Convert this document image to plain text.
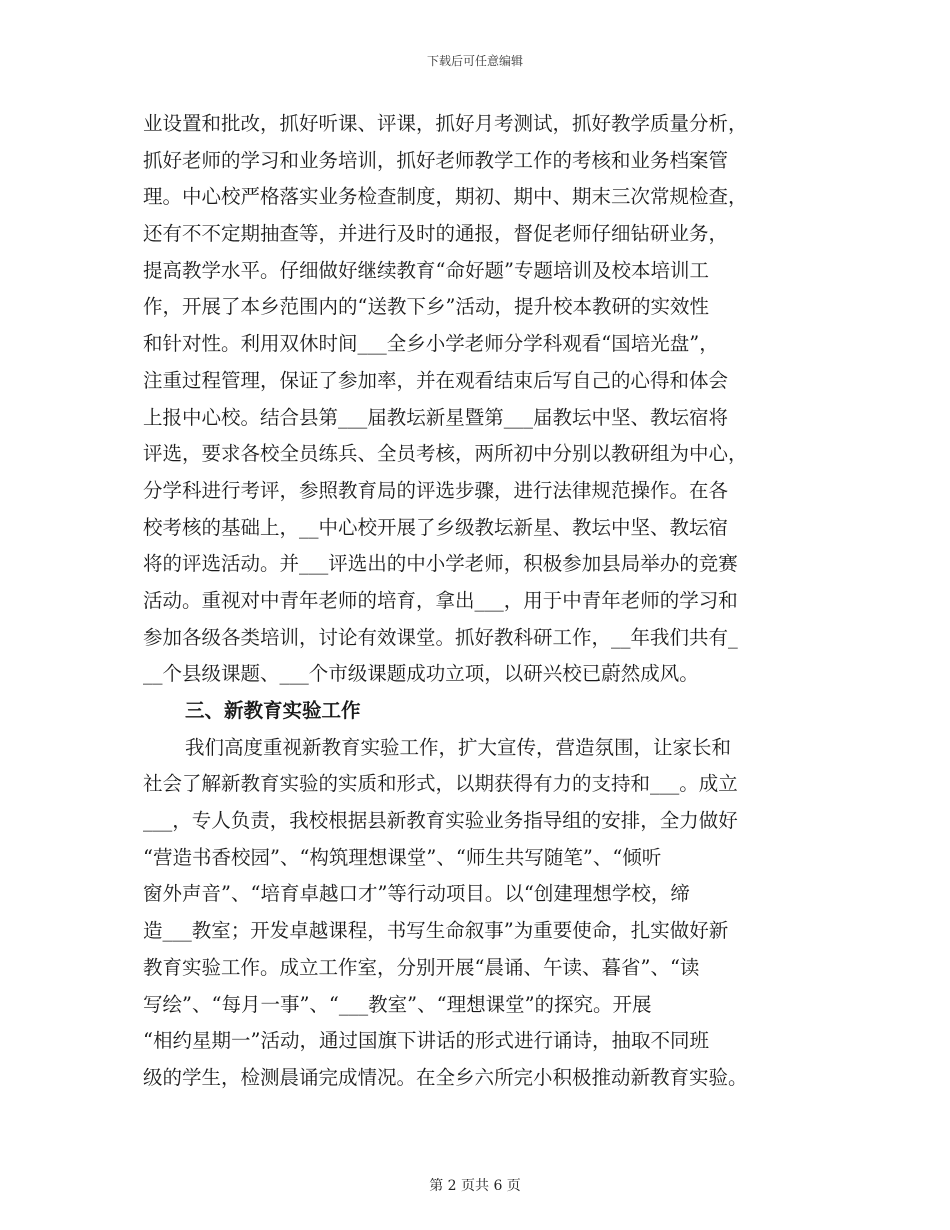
下载后可任意编辑
业设置和批改，抓好听课、评课，抓好月考测试，抓好教学质量分析，
抓好老师的学习和业务培训，抓好老师教学工作的考核和业务档案管
理。中心校严格落实业务检查制度，期初、期中、期末三次常规检查，
还有不不定期抽查等，并进行及时的通报，督促老师仔细钻研业务，
提高教学水平。仔细做好继续教育“命好题”专题培训及校本培训工
作，开展了本乡范围内的“送教下乡”活动，提升校本教研的实效性
和针对性。利用双休时间___全乡小学老师分学科观看“国培光盘”，
注重过程管理，保证了参加率，并在观看结束后写自己的心得和体会
上报中心校。结合县第___届教坛新星暨第___届教坛中坚、教坛宿将
评选，要求各校全员练兵、全员考核，两所初中分别以教研组为中心，
分学科进行考评，参照教育局的评选步骤，进行法律规范操作。在各
校考核的基础上，__中心校开展了乡级教坛新星、教坛中坚、教坛宿
将的评选活动。并___评选出的中小学老师，积极参加县局举办的竞赛
活动。重视对中青年老师的培育，拿出___，用于中青年老师的学习和
参加各级各类培训，讨论有效课堂。抓好教科研工作，__年我们共有_
__个县级课题、___个市级课题成功立项，以研兴校已蔚然成风。
三、新教育实验工作
我们高度重视新教育实验工作，扩大宣传，营造氛围，让家长和
社会了解新教育实验的实质和形式，以期获得有力的支持和___。成立
___，专人负责，我校根据县新教育实验业务指导组的安排，全力做好
“营造书香校园”、“构筑理想课堂”、“师生共写随笔”、“倾听
窗外声音”、“培育卓越口才”等行动项目。以“创建理想学校，缔
造___教室；开发卓越课程，书写生命叙事”为重要使命，扎实做好新
教育实验工作。成立工作室，分别开展“晨诵、午读、暮省”、“读
写绘”、“每月一事”、“___教室”、“理想课堂”的探究。开展
“相约星期一”活动，通过国旗下讲话的形式进行诵诗，抽取不同班
级的学生，检测晨诵完成情况。在全乡六所完小积极推动新教育实验。
第 2 页共 6 页
